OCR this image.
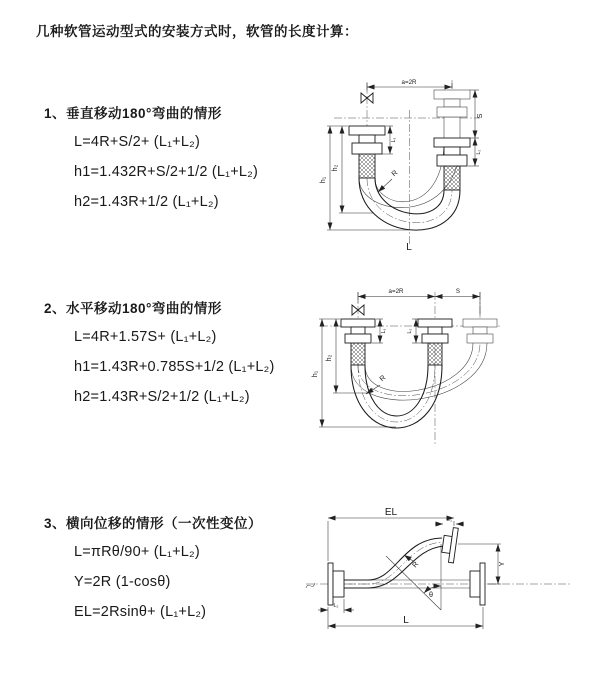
几种软管运动型式的安装方式时，软管的长度计算：
1、垂直移动180°弯曲的情形
L=4R+S/2+ (L₁+L₂)
h1=1.432R+S/2+1/2 (L₁+L₂)
h2=1.43R+1/2 (L₁+L₂)
2、水平移动180°弯曲的情形
L=4R+1.57S+ (L₁+L₂)
h1=1.43R+0.785S+1/2 (L₁+L₂)
h2=1.43R+S/2+1/2 (L₁+L₂)
3、横向位移的情形（一次性变位）
L=πRθ/90+ (L₁+L₂)
Y=2R (1-cosθ)
EL=2Rsinθ+ (L₁+L₂)
a=2R
S
L₂
L₁
h₂
h₁
R
L
a=2R	S
L₁	L₂
h₂
h₁	R
EL
L₁
Y
R
θ
L
L₂
